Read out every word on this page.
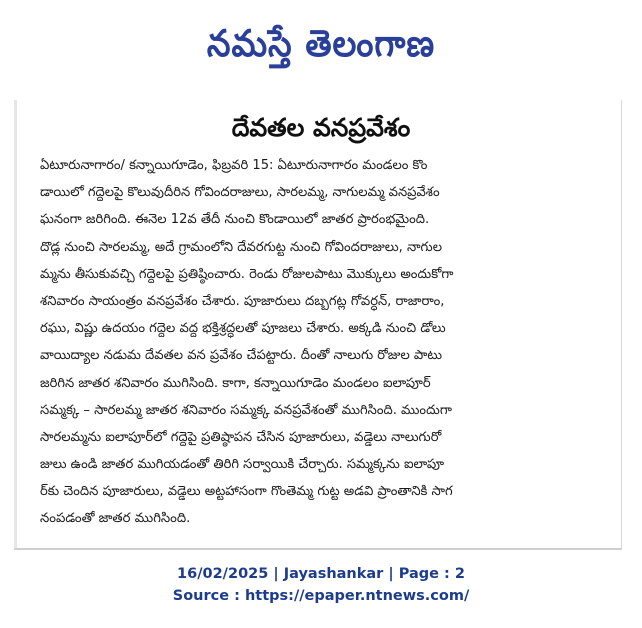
నమస్తే తెలంగాణ
దేవతల వనప్రవేశం
ఏటూరునాగారం/ కన్నాయిగూడెం, ఫిబ్రవరి 15: ఏటూరునాగారం మండలం కొం
డాయిలో గద్దెలపై కొలువుదీరిన గోవిందరాజులు, సారలమ్మ, నాగులమ్మ వనప్రవేశం
ఘనంగా జరిగింది. ఈనెల 12వ తేదీ నుంచి కొండాయిలో జాతర ప్రారంభమైంది.
దొడ్ల నుంచి సారలమ్మ, అదే గ్రామంలోని దేవరగుట్ట నుంచి గోవిందరాజులు, నాగుల
మ్మను తీసుకువచ్చి గద్దెలపై ప్రతిష్ఠించారు. రెండు రోజులపాటు మొక్కులు అందుకోగా
శనివారం సాయంత్రం వనప్రవేశం చేశారు. పూజారులు దబ్బగట్ల గోవర్ధన్, రాజారాం,
రఘు, విష్ణు ఉదయం గద్దెల వద్ద భక్తిశ్రద్ధలతో పూజలు చేశారు. అక్కడి నుంచి డోలు
వాయిద్యాల నడుమ దేవతల వన ప్రవేశం చేపట్టారు. దీంతో నాలుగు రోజుల పాటు
జరిగిన జాతర శనివారం ముగిసింది. కాగా, కన్నాయిగూడెం మండలం ఐలాపూర్
సమ్మక్క – సారలమ్మ జాతర శనివారం సమ్మక్క వనప్రవేశంతో ముగిసింది. ముందుగా
సారలమ్మను ఐలాపూర్‌లో గద్దెపై ప్రతిష్ఠాపన చేసిన పూజారులు, వడ్డెలు నాలుగురో
జులు ఉండి జాతర ముగియడంతో తిరిగి సర్వాయికి చేర్చారు. సమ్మక్కను ఐలాపూ
ర్‌కు చెందిన పూజారులు, వడ్డెలు అట్టహాసంగా గొంతెమ్మ గుట్ట అడవి ప్రాంతానికి సాగ
నంపడంతో జాతర ముగిసింది.
16/02/2025 | Jayashankar | Page : 2
Source : https://epaper.ntnews.com/
